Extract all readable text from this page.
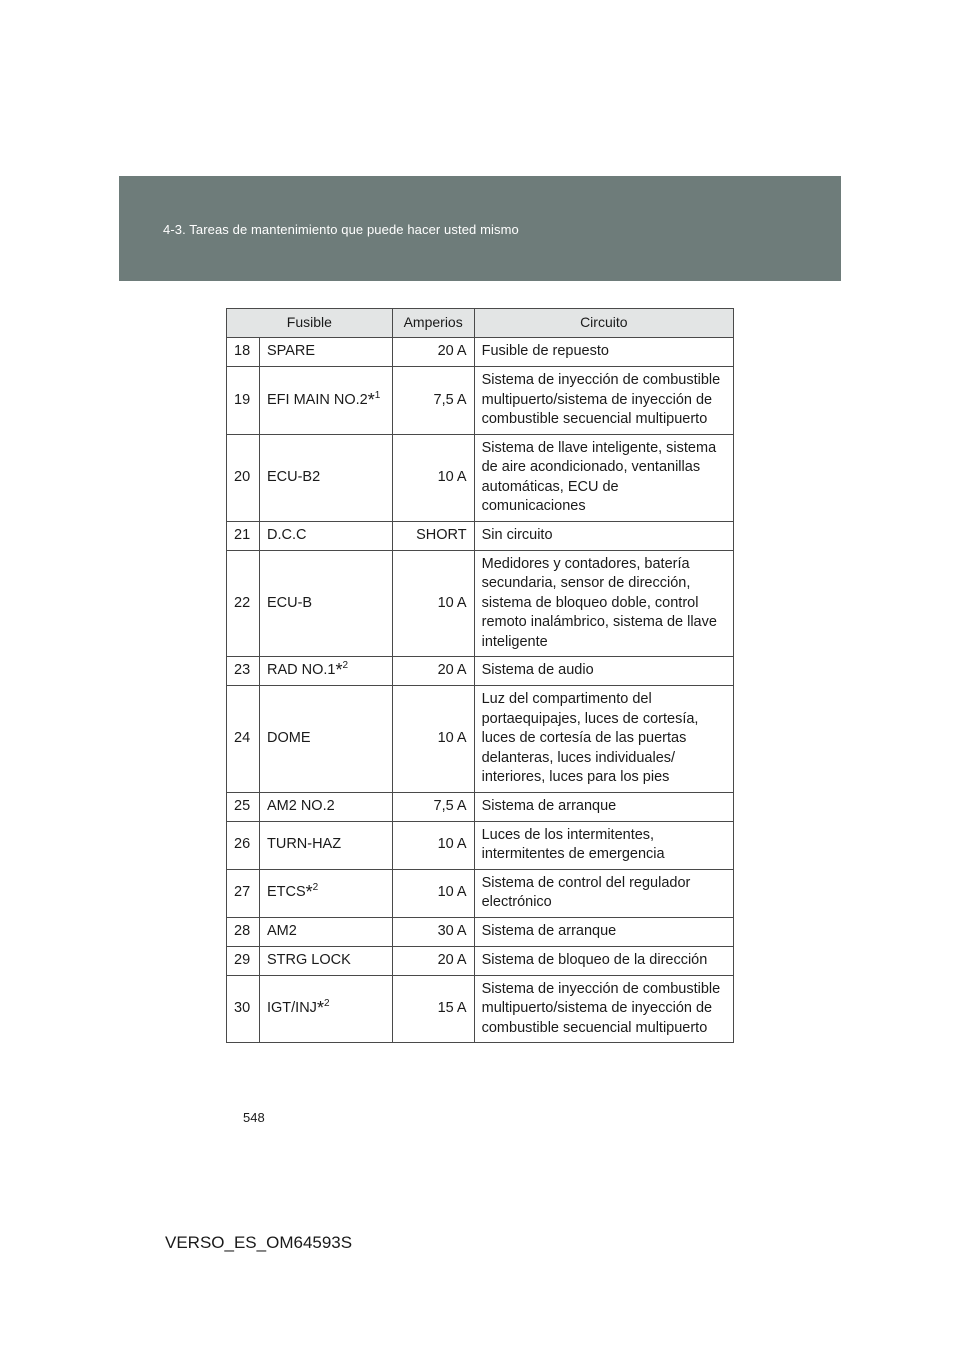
4-3. Tareas de mantenimiento que puede hacer usted mismo
Fusible		Amperios	Circuito
18	SPARE	20 A	Fusible de repuesto
19	EFI MAIN NO.2*$^1$	7,5 A	Sistema de inyección de combustible multipuerto/sistema de inyección de combustible secuencial multipuerto
20	ECU-B2	10 A	Sistema de llave inteligente, sistema de aire acondicionado, ventanillas automáticas, ECU de comunicaciones
21	D.C.C	SHORT	Sin circuito
22	ECU-B	10 A	Medidores y contadores, batería secundaria, sensor de dirección, sistema de bloqueo doble, control remoto inalámbrico, sistema de llave inteligente
23	RAD NO.1*$^2$	20 A	Sistema de audio
24	DOME	10 A	Luz del compartimento del portaequipajes, luces de cortesía, luces de cortesía de las puertas delanteras, luces individuales/ interiores, luces para los pies
25	AM2 NO.2	7,5 A	Sistema de arranque
26	TURN-HAZ	10 A	Luces de los intermitentes, intermitentes de emergencia
27	ETCS*$^2$	10 A	Sistema de control del regulador electrónico
28	AM2	30 A	Sistema de arranque
29	STRG LOCK	20 A	Sistema de bloqueo de la dirección
30	IGT/INJ*$^2$	15 A	Sistema de inyección de combustible multipuerto/sistema de inyección de combustible secuencial multipuerto
548
VERSO_ES_OM64593S
